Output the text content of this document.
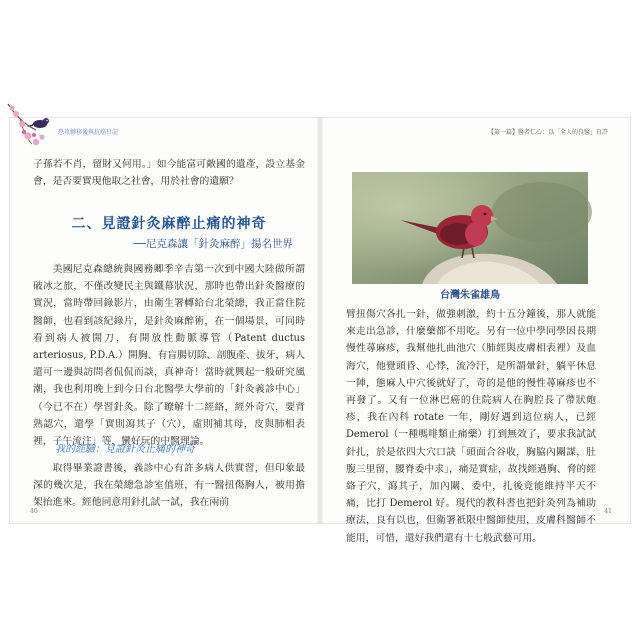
恐攻轉移後與抗癌日記	【第一篇】醫者仁心：以「全人的良醫」自許

子孫若不肖，留財又何用。」如今能富可敵國的遺產，設立基金會，是否要實現他取之社會，用於社會的遺願？

二、見證針灸麻醉止痛的神奇

──尼克森讓「針灸麻醉」揚名世界

美國尼克森總統與國務卿季辛吉第一次到中國大陸做所謂破冰之旅，不僅改變民主與鐵幕狀況，那時也帶出針灸醫療的實況，當時帶回錄影片，由衛生署轉給台北榮總，我正當住院醫師，也看到該紀錄片，是針灸麻醉術，在一個場景，可同時看到病人被開刀，有開放性動脈導管（Patent ductus arteriosus, P.D.A.）開胸、有盲腸切除、剖腹產、拔牙，病人還可一邊與訪問者侃侃而談，真神奇！當時就興起一般研究風潮，我也利用晚上到今日台北醫學大學前的「針灸義診中心」（今已不在）學習針灸。除了瞭解十二經絡，經外奇穴，要背熟認穴，還學「實則瀉其子（穴），虛則補其母，皮與肺相表裡，子午流注」等，蠻好玩的中醫理論。

我的經驗：見證針灸止痛的神奇

取得畢業證書後，義診中心有許多病人供實習，但印象最深的幾次是，我在榮總急診室值班，有一醫扭傷胸人，被用擔架抬進來。經他同意用針扎試一試，我在兩前

40
台灣朱雀雄鳥

臂扭傷穴各扎一針，做強刺激，約十五分鐘後，那人就能來走出急診，什麼藥都不用吃。另有一位中學同學因長期慢性蕁麻疹，我幫他扎曲池穴（肺經與皮膚相表裡）及血海穴，他覺頭昏、心悸，流冷汗，是所謂暈針，躺平休息一陣，態麻人中穴後就好了，奇的是他的慢性蕁麻疹也不再發了。又有一位淋巴癌的住院病人在胸腔長了帶狀皰疹，我在內科 rotate 一年，剛好遇到這位病人，已經 Demerol（一種嗎啡類止痛藥）打到無效了，要求我試試針扎，於是依四大穴口訣「頭面合谷收，胸脇內關謀，肚腹三里留，腰脊委中求」，痛是實症，故找經過胸、脅的經絡子穴，瀉其子，加內關、委中，扎後竟能維持半天不痛，比打 Demerol 好。現代的教科書也把針灸列為補助療法，良有以也，但衛署祇限中醫師使用，皮膚科醫師不能用，可惜，還好我們還有十七般武藝可用。

41
